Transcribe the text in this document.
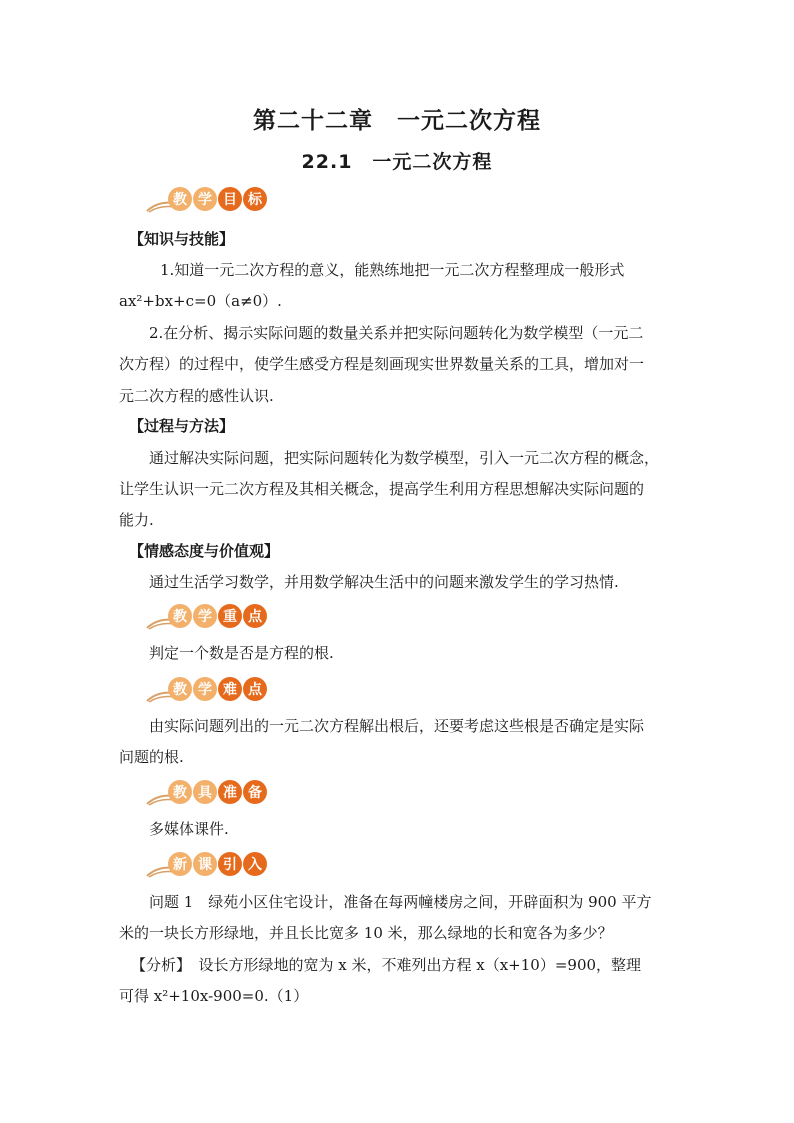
第二十二章　一元二次方程
22.1　一元二次方程
教 学 目 标
【知识与技能】
1.知道一元二次方程的意义，能熟练地把一元二次方程整理成一般形式
ax²+bx+c=0（a≠0）.
2.在分析、揭示实际问题的数量关系并把实际问题转化为数学模型（一元二
次方程）的过程中，使学生感受方程是刻画现实世界数量关系的工具，增加对一
元二次方程的感性认识.
【过程与方法】
通过解决实际问题，把实际问题转化为数学模型，引入一元二次方程的概念，
让学生认识一元二次方程及其相关概念，提高学生利用方程思想解决实际问题的
能力.
【情感态度与价值观】
通过生活学习数学，并用数学解决生活中的问题来激发学生的学习热情.
教 学 重 点
判定一个数是否是方程的根.
教 学 难 点
由实际问题列出的一元二次方程解出根后，还要考虑这些根是否确定是实际
问题的根.
教 具 准 备
多媒体课件.
新 课 引 入
问题 1　绿苑小区住宅设计，准备在每两幢楼房之间，开辟面积为 900 平方
米的一块长方形绿地，并且长比宽多 10 米，那么绿地的长和宽各为多少？
【分析】　设长方形绿地的宽为 x 米，不难列出方程 x（x+10）=900，整理
可得 x²+10x-900=0.（1）
